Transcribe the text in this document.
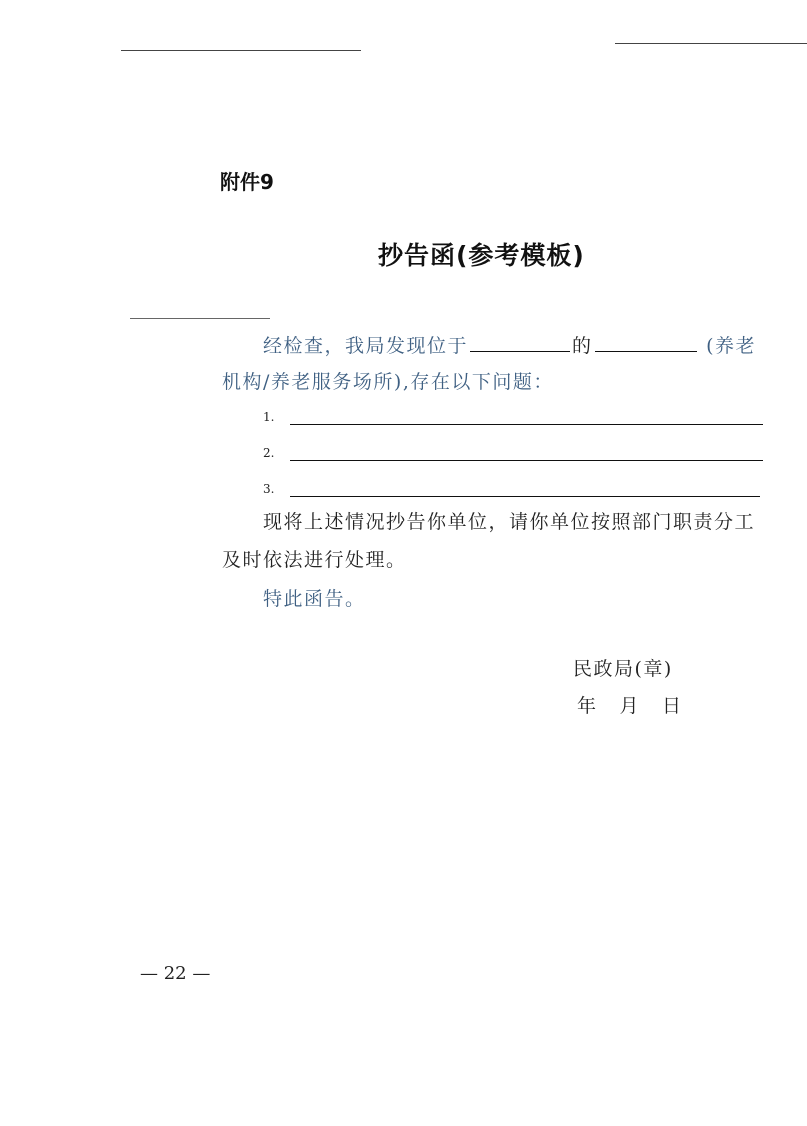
附件9
抄告函(参考模板)
经检查，我局发现位于	的	(养老
机构/养老服务场所),存在以下问题：
1.
2.
3.
现将上述情况抄告你单位，请你单位按照部门职责分工
及时依法进行处理。
特此函告。
民政局(章)
年 月 日
— 22 —
